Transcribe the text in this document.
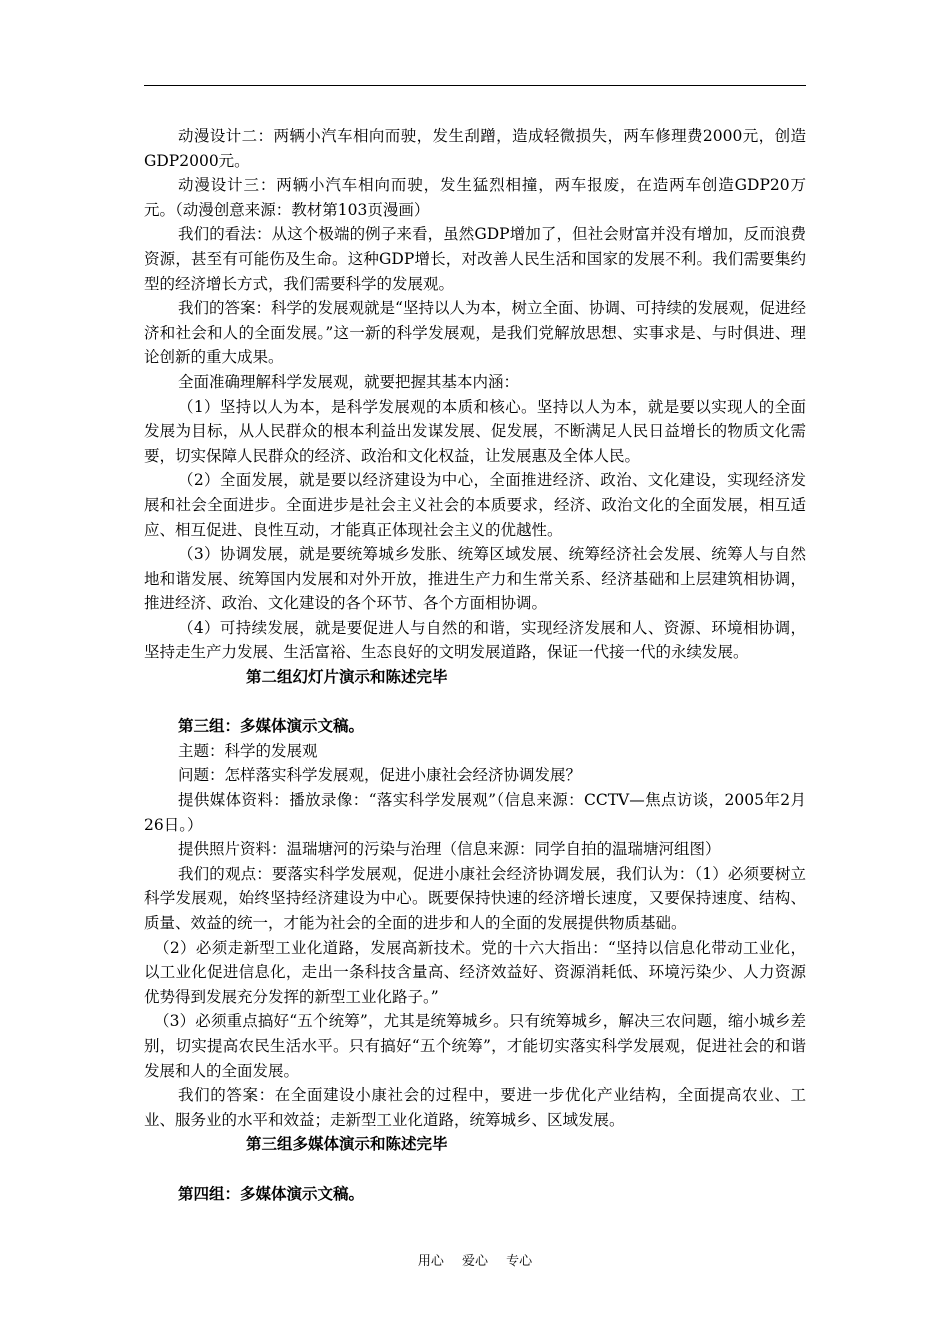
动漫设计二：两辆小汽车相向而驶，发生刮蹭，造成轻微损失，两车修理费2000元，创造GDP2000元。

动漫设计三：两辆小汽车相向而驶，发生猛烈相撞，两车报废，在造两车创造GDP20万元。（动漫创意来源：教材第103页漫画）

我们的看法：从这个极端的例子来看，虽然GDP增加了，但社会财富并没有增加，反而浪费资源，甚至有可能伤及生命。这种GDP增长，对改善人民生活和国家的发展不利。我们需要集约型的经济增长方式，我们需要科学的发展观。

我们的答案：科学的发展观就是“坚持以人为本，树立全面、协调、可持续的发展观，促进经济和社会和人的全面发展。”这一新的科学发展观，是我们党解放思想、实事求是、与时俱进、理论创新的重大成果。

全面准确理解科学发展观，就要把握其基本内涵：

（1）坚持以人为本，是科学发展观的本质和核心。坚持以人为本，就是要以实现人的全面发展为目标，从人民群众的根本利益出发谋发展、促发展，不断满足人民日益增长的物质文化需要，切实保障人民群众的经济、政治和文化权益，让发展惠及全体人民。

（2）全面发展，就是要以经济建设为中心，全面推进经济、政治、文化建设，实现经济发展和社会全面进步。全面进步是社会主义社会的本质要求，经济、政治文化的全面发展，相互适应、相互促进、良性互动，才能真正体现社会主义的优越性。

（3）协调发展，就是要统筹城乡发胀、统筹区域发展、统筹经济社会发展、统筹人与自然地和谐发展、统筹国内发展和对外开放，推进生产力和生常关系、经济基础和上层建筑相协调，推进经济、政治、文化建设的各个环节、各个方面相协调。

（4）可持续发展，就是要促进人与自然的和谐，实现经济发展和人、资源、环境相协调，坚持走生产力发展、生活富裕、生态良好的文明发展道路，保证一代接一代的永续发展。

第二组幻灯片演示和陈述完毕

第三组：多媒体演示文稿。

主题：科学的发展观

问题：怎样落实科学发展观，促进小康社会经济协调发展？

提供媒体资料：播放录像：“落实科学发展观”（信息来源：CCTV—焦点访谈，2005年2月26日。）

提供照片资料：温瑞塘河的污染与治理（信息来源：同学自拍的温瑞塘河组图）

我们的观点：要落实科学发展观，促进小康社会经济协调发展，我们认为：（1）必须要树立科学发展观，始终坚持经济建设为中心。既要保持快速的经济增长速度，又要保持速度、结构、质量、效益的统一，才能为社会的全面的进步和人的全面的发展提供物质基础。

（2）必须走新型工业化道路，发展高新技术。党的十六大指出：“坚持以信息化带动工业化，以工业化促进信息化，走出一条科技含量高、经济效益好、资源消耗低、环境污染少、人力资源优势得到发展充分发挥的新型工业化路子。”

（3）必须重点搞好“五个统筹”，尤其是统筹城乡。只有统筹城乡，解决三农问题，缩小城乡差别，切实提高农民生活水平。只有搞好“五个统筹”，才能切实落实科学发展观，促进社会的和谐发展和人的全面发展。

我们的答案：在全面建设小康社会的过程中，要进一步优化产业结构，全面提高农业、工业、服务业的水平和效益；走新型工业化道路，统筹城乡、区域发展。

第三组多媒体演示和陈述完毕

第四组：多媒体演示文稿。

用心 爱心 专心
